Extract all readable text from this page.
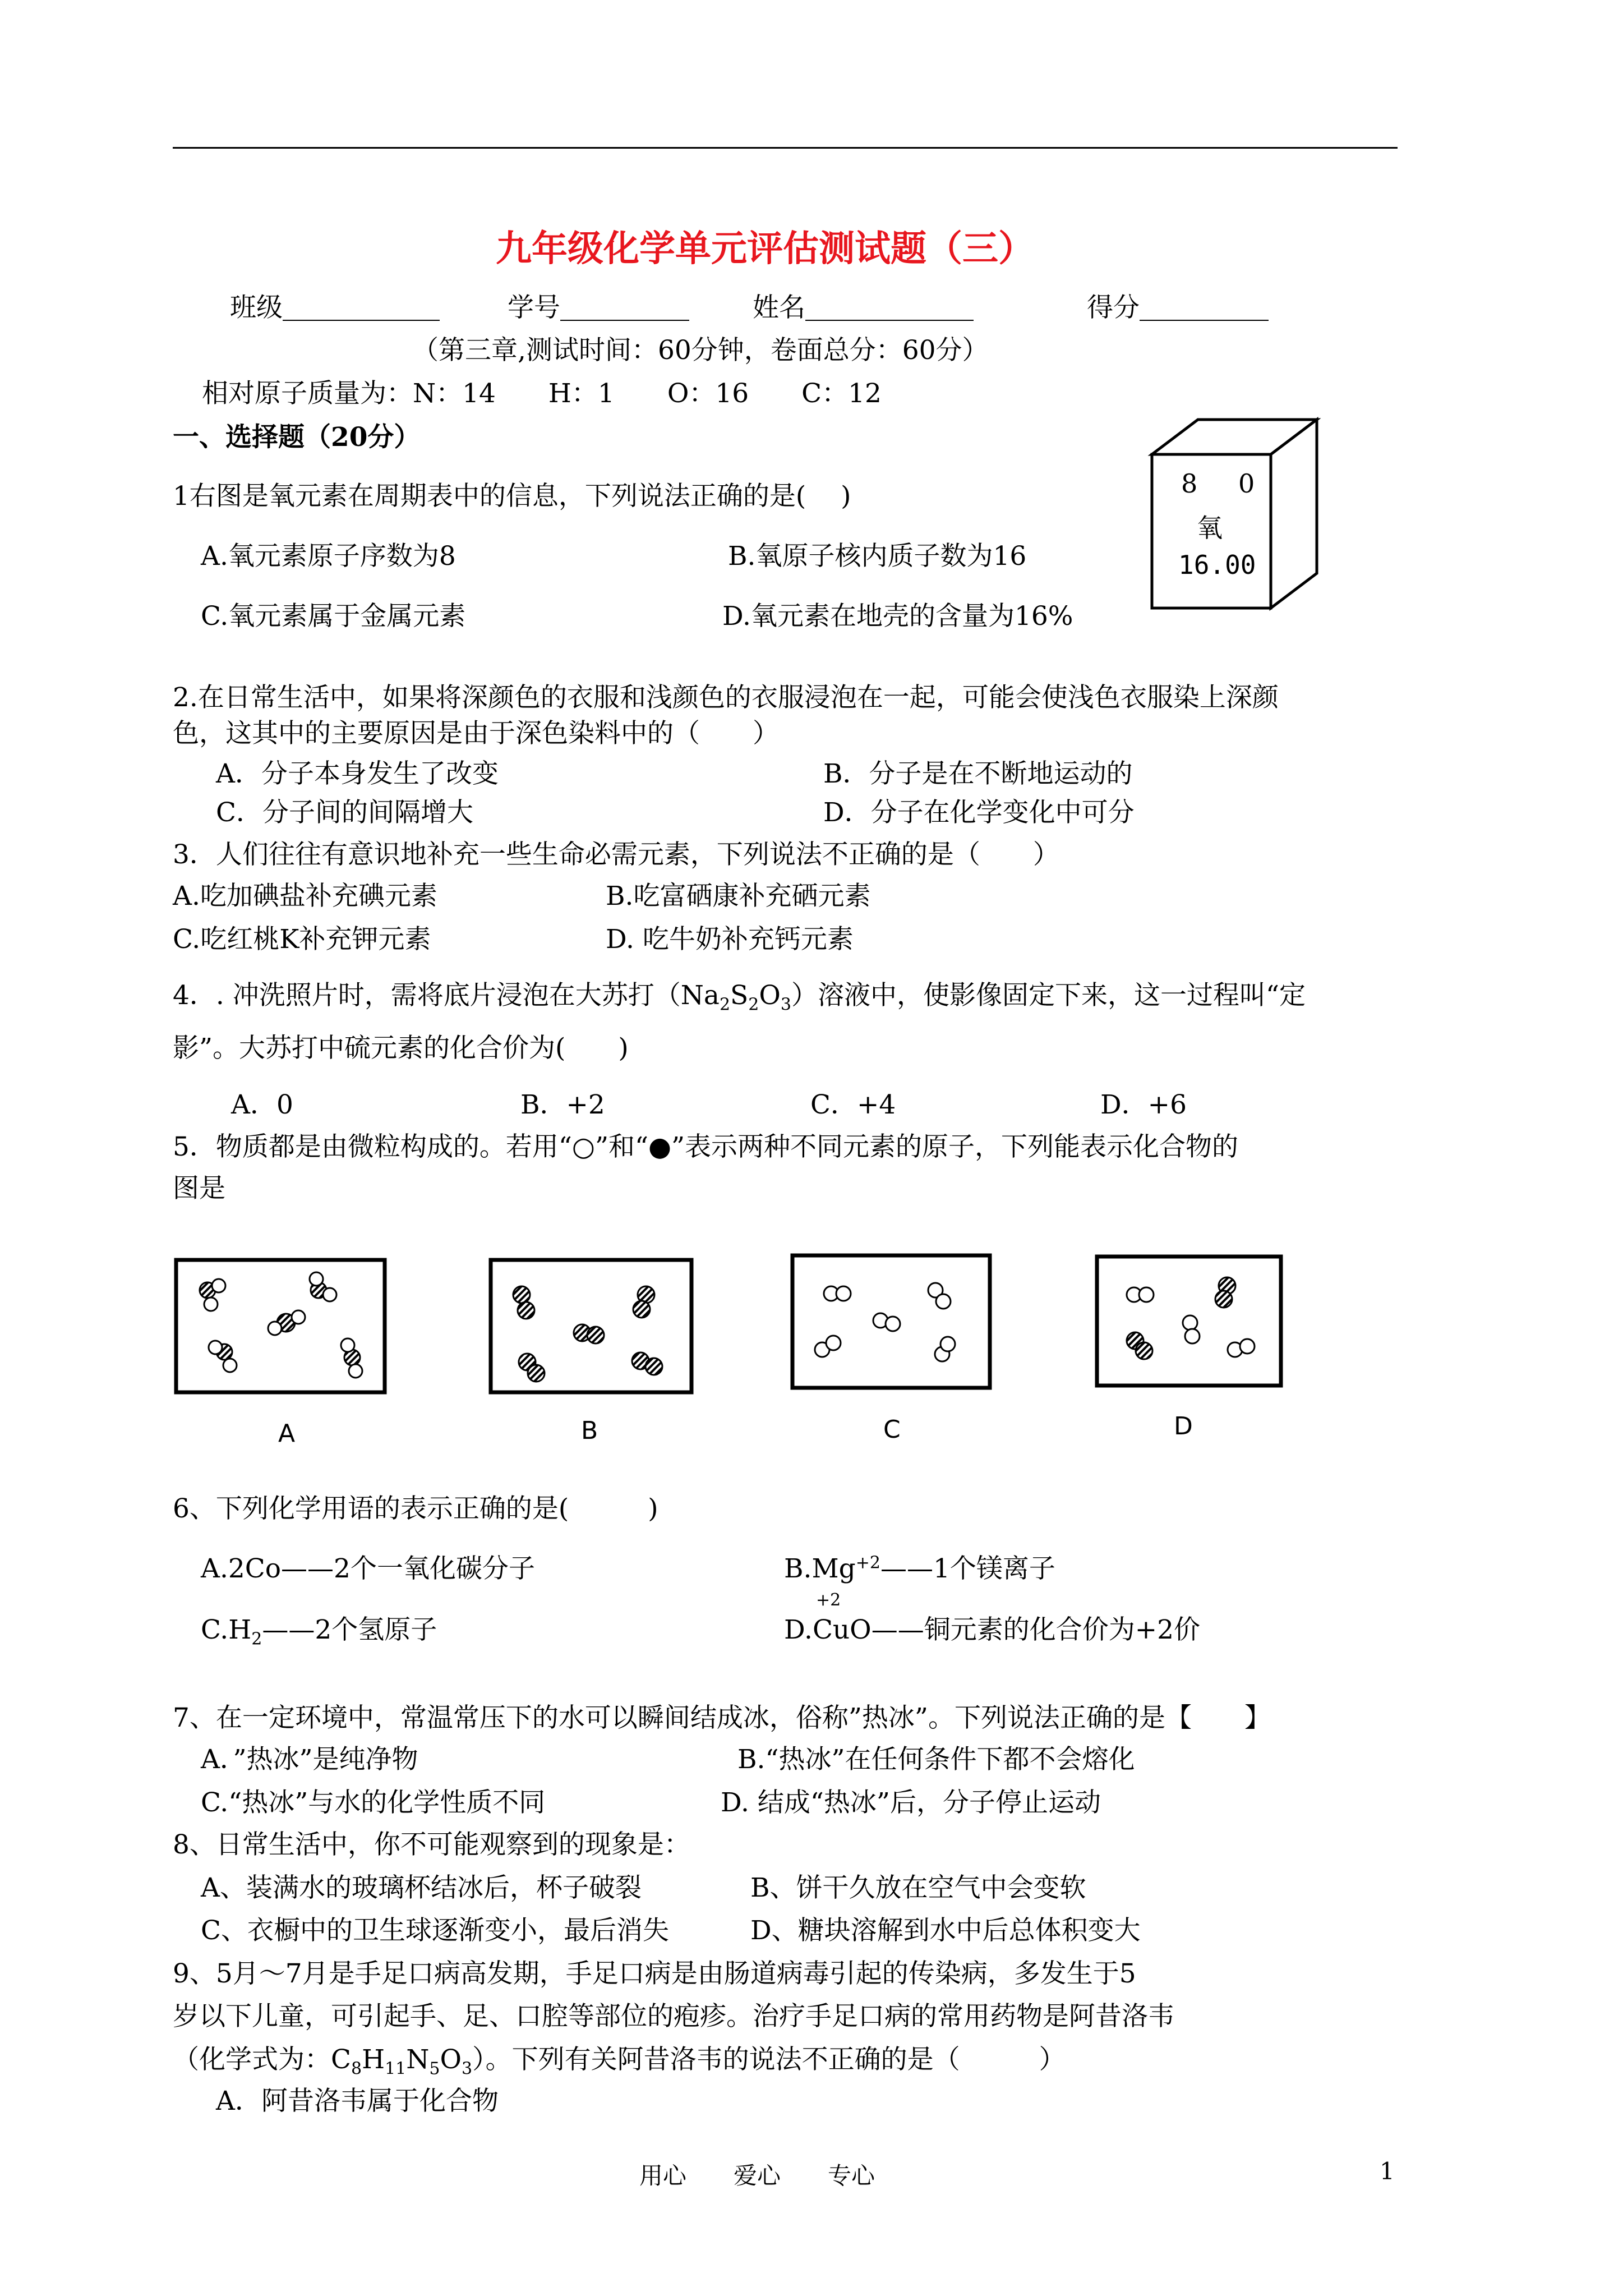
九年级化学单元评估测试题（三）
班级	学号	姓名	得分
（第三章,测试时间：60分钟，卷面总分：60分）
相对原子质量为：N：14　　H：1　　O：16　　C：12
一、选择题（20分）
8 0
氧
16.00
1右图是氧元素在周期表中的信息，下列说法正确的是(　 )
A.氧元素原子序数为8	B.氧原子核内质子数为16
C.氧元素属于金属元素	D.氧元素在地壳的含量为16%
2.在日常生活中，如果将深颜色的衣服和浅颜色的衣服浸泡在一起，可能会使浅色衣服染上深颜
色，这其中的主要原因是由于深色染料中的（　　）
A．分子本身发生了改变	B．分子是在不断地运动的
C．分子间的间隔增大	D．分子在化学变化中可分
3．人们往往有意识地补充一些生命必需元素，下列说法不正确的是（　　）
A.吃加碘盐补充碘元素	B.吃富硒康补充硒元素
C.吃红桃K补充钾元素	D. 吃牛奶补充钙元素
4．. 冲洗照片时，需将底片浸泡在大苏打$(Na_2S_2O_3)$溶液中，使影像固定下来，这一过程叫“定
影”。大苏打中硫元素的化合价为(　　)
A．0	B．+2	C．+4	D．+6
5．物质都是由微粒构成的。若用“○”和“●”表示两种不同元素的原子，下列能表示化合物的
图是
A	B	C	D
6、下列化学用语的表示正确的是(　　　)
A.2Co——2个一氧化碳分子	$B.Mg^{+2}——1$个镁离子
$C.H_2——2$个氢原子
+2
D.CuO——铜元素的化合价为+2价
7、在一定环境中，常温常压下的水可以瞬间结成冰，俗称”热冰”。下列说法正确的是【　　】
A．”热冰”是纯净物	B.“热冰”在任何条件下都不会熔化
C.“热冰”与水的化学性质不同	D. 结成“热冰”后，分子停止运动
8、日常生活中，你不可能观察到的现象是：
A、装满水的玻璃杯结冰后，杯子破裂	B、饼干久放在空气中会变软
C、衣橱中的卫生球逐渐变小，最后消失	D、糖块溶解到水中后总体积变大
9、5月～7月是手足口病高发期，手足口病是由肠道病毒引起的传染病，多发生于5
岁以下儿童，可引起手、足、口腔等部位的疱疹。治疗手足口病的常用药物是阿昔洛韦
（化学式为：$C_8H_{11}N_5O_3$）。下列有关阿昔洛韦的说法不正确的是（　　　）
A．阿昔洛韦属于化合物
用心　　爱心　　专心	1
